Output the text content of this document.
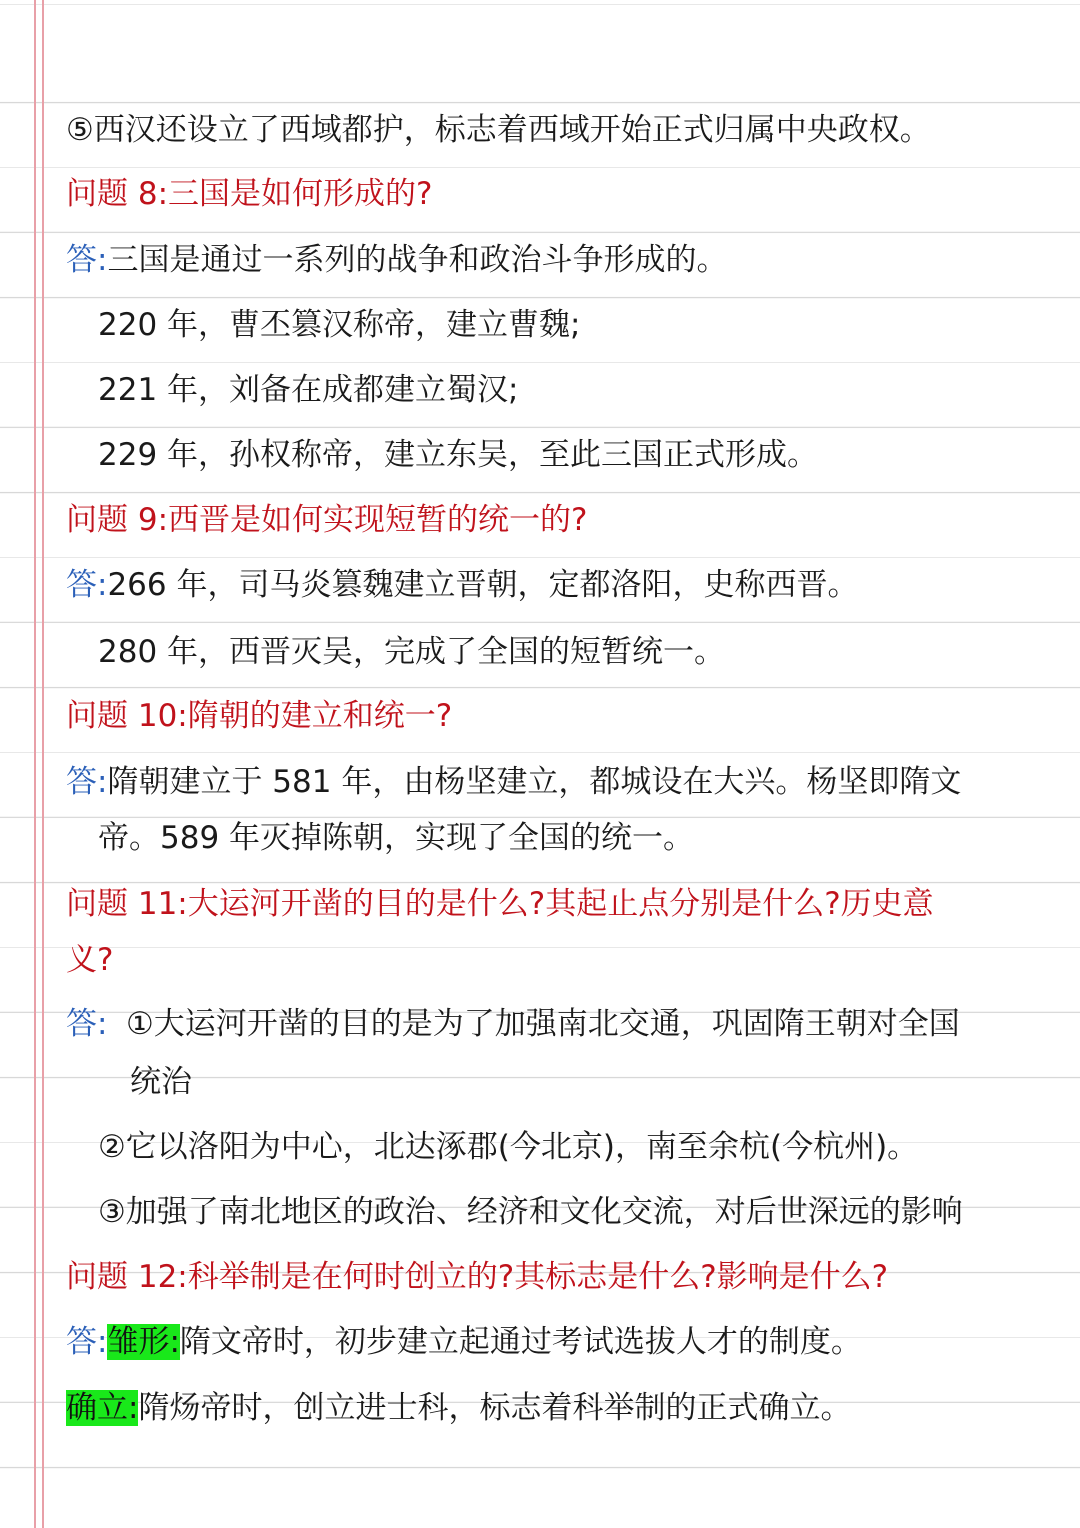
⑤西汉还设立了西域都护，标志着西域开始正式归属中央政权。
问题 8:三国是如何形成的?
答:三国是通过一系列的战争和政治斗争形成的。
220 年，曹丕篡汉称帝，建立曹魏;
221 年，刘备在成都建立蜀汉;
229 年，孙权称帝，建立东吴，至此三国正式形成。
问题 9:西晋是如何实现短暂的统一的?
答:266 年，司马炎篡魏建立晋朝，定都洛阳，史称西晋。
280 年，西晋灭吴，完成了全国的短暂统一。
问题 10:隋朝的建立和统一?
答:隋朝建立于 581 年，由杨坚建立，都城设在大兴。杨坚即隋文
帝。589 年灭掉陈朝，实现了全国的统一。
问题 11:大运河开凿的目的是什么?其起止点分别是什么?历史意
义?
答: ①大运河开凿的目的是为了加强南北交通，巩固隋王朝对全国
统治
②它以洛阳为中心，北达涿郡(今北京)，南至余杭(今杭州)。
③加强了南北地区的政治、经济和文化交流，对后世深远的影响
问题 12:科举制是在何时创立的?其标志是什么?影响是什么?
答:雏形:隋文帝时，初步建立起通过考试选拔人才的制度。
确立:隋炀帝时，创立进士科，标志着科举制的正式确立。
